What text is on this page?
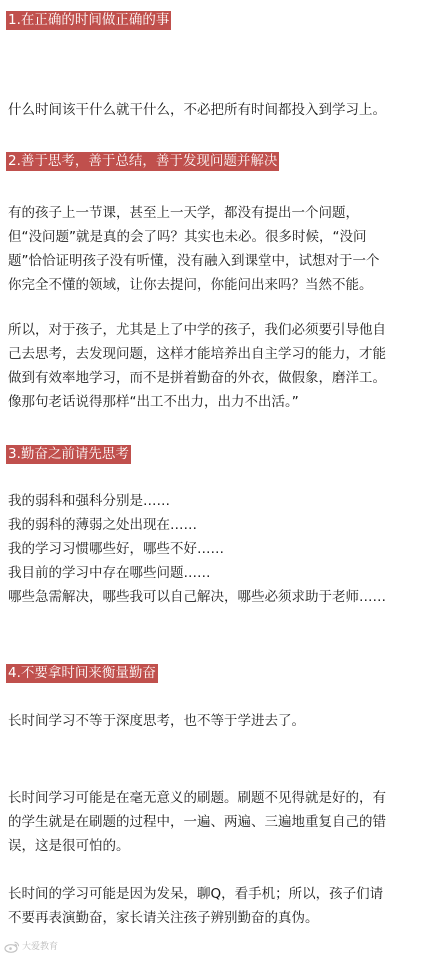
1.在正确的时间做正确的事

什么时间该干什么就干什么，不必把所有时间都投入到学习上。

2.善于思考，善于总结，善于发现问题并解决

有的孩子上一节课，甚至上一天学，都没有提出一个问题，
但“没问题”就是真的会了吗？其实也未必。很多时候，“没问
题”恰恰证明孩子没有听懂，没有融入到课堂中，试想对于一个
你完全不懂的领域，让你去提问，你能问出来吗？当然不能。

所以，对于孩子，尤其是上了中学的孩子，我们必须要引导他自
己去思考，去发现问题，这样才能培养出自主学习的能力，才能
做到有效率地学习，而不是拼着勤奋的外衣，做假象，磨洋工。
像那句老话说得那样“出工不出力，出力不出活。”

3.勤奋之前请先思考

我的弱科和强科分别是……
我的弱科的薄弱之处出现在……
我的学习习惯哪些好，哪些不好……
我目前的学习中存在哪些问题……
哪些急需解决，哪些我可以自己解决，哪些必须求助于老师……

4.不要拿时间来衡量勤奋

长时间学习不等于深度思考，也不等于学进去了。

长时间学习可能是在毫无意义的刷题。刷题不见得就是好的，有
的学生就是在刷题的过程中，一遍、两遍、三遍地重复自己的错
误，这是很可怕的。

长时间的学习可能是因为发呆，聊Q，看手机；所以，孩子们请
不要再表演勤奋，家长请关注孩子辨别勤奋的真伪。

大爱教育
